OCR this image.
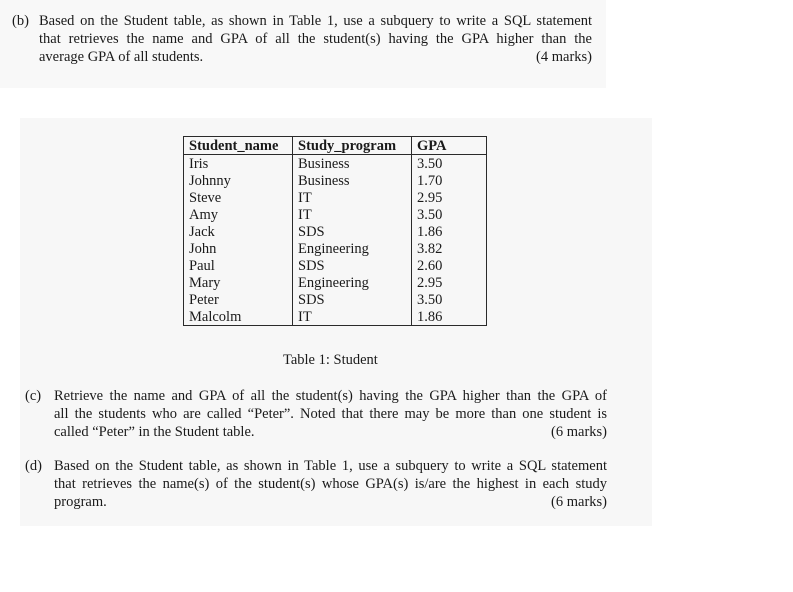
(b) Based on the Student table, as shown in Table 1, use a subquery to write a SQL statement
that retrieves the name and GPA of all the student(s) having the GPA higher than the
average GPA of all students.	(4 marks)
Student_name	Study_program	GPA
Iris	Business	3.50
Johnny	Business	1.70
Steve	IT	2.95
Amy	IT	3.50
Jack	SDS	1.86
John	Engineering	3.82
Paul	SDS	2.60
Mary	Engineering	2.95
Peter	SDS	3.50
Malcolm	IT	1.86
Table 1: Student
(c) Retrieve the name and GPA of all the student(s) having the GPA higher than the GPA of
all the students who are called “Peter”. Noted that there may be more than one student is
called “Peter” in the Student table.	(6 marks)
(d) Based on the Student table, as shown in Table 1, use a subquery to write a SQL statement
that retrieves the name(s) of the student(s) whose GPA(s) is/are the highest in each study
program.	(6 marks)
